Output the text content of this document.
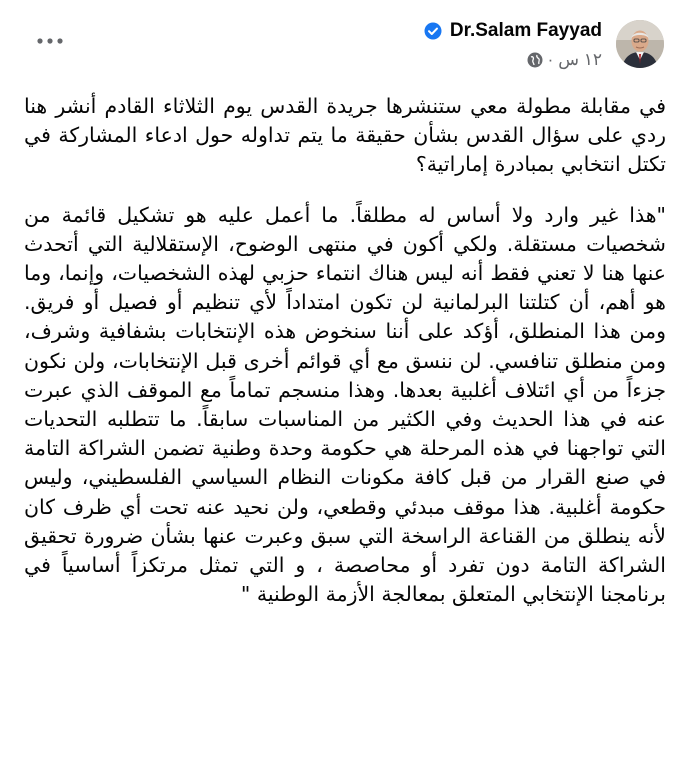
Dr.Salam Fayyad
١٢ س
·

في مقابلة مطولة معي ستنشرها جريدة القدس يوم الثلاثاء القادم أنشر هنا ردي على سؤال القدس بشأن حقيقة ما يتم تداوله حول ادعاء المشاركة في تكتل انتخابي بمبادرة إماراتية؟

"هذا غير وارد ولا أساس له مطلقاً. ما أعمل عليه هو تشكيل قائمة من شخصيات مستقلة. ولكي أكون في منتهى الوضوح، الإستقلالية التي أتحدث عنها هنا لا تعني فقط أنه ليس هناك انتماء حزبي لهذه الشخصيات، وإنما، وما هو أهم، أن كتلتنا البرلمانية لن تكون امتداداً لأي تنظيم أو فصيل أو فريق. ومن هذا المنطلق، أؤكد على أننا سنخوض هذه الإنتخابات بشفافية وشرف، ومن منطلق تنافسي. لن ننسق مع أي قوائم أخرى قبل الإنتخابات، ولن نكون جزءاً من أي ائتلاف أغلبية بعدها. وهذا منسجم تماماً مع الموقف الذي عبرت عنه في هذا الحديث وفي الكثير من المناسبات سابقاً. ما تتطلبه التحديات التي تواجهنا في هذه المرحلة هي حكومة وحدة وطنية تضمن الشراكة التامة في صنع القرار من قبل كافة مكونات النظام السياسي الفلسطيني، وليس حكومة أغلبية. هذا موقف مبدئي وقطعي، ولن نحيد عنه تحت أي ظرف كان لأنه ينطلق من القناعة الراسخة التي سبق وعبرت عنها بشأن ضرورة تحقيق الشراكة التامة دون تفرد أو محاصصة ، و التي تمثل مرتكزاً أساسياً في برنامجنا الإنتخابي المتعلق بمعالجة الأزمة الوطنية "
